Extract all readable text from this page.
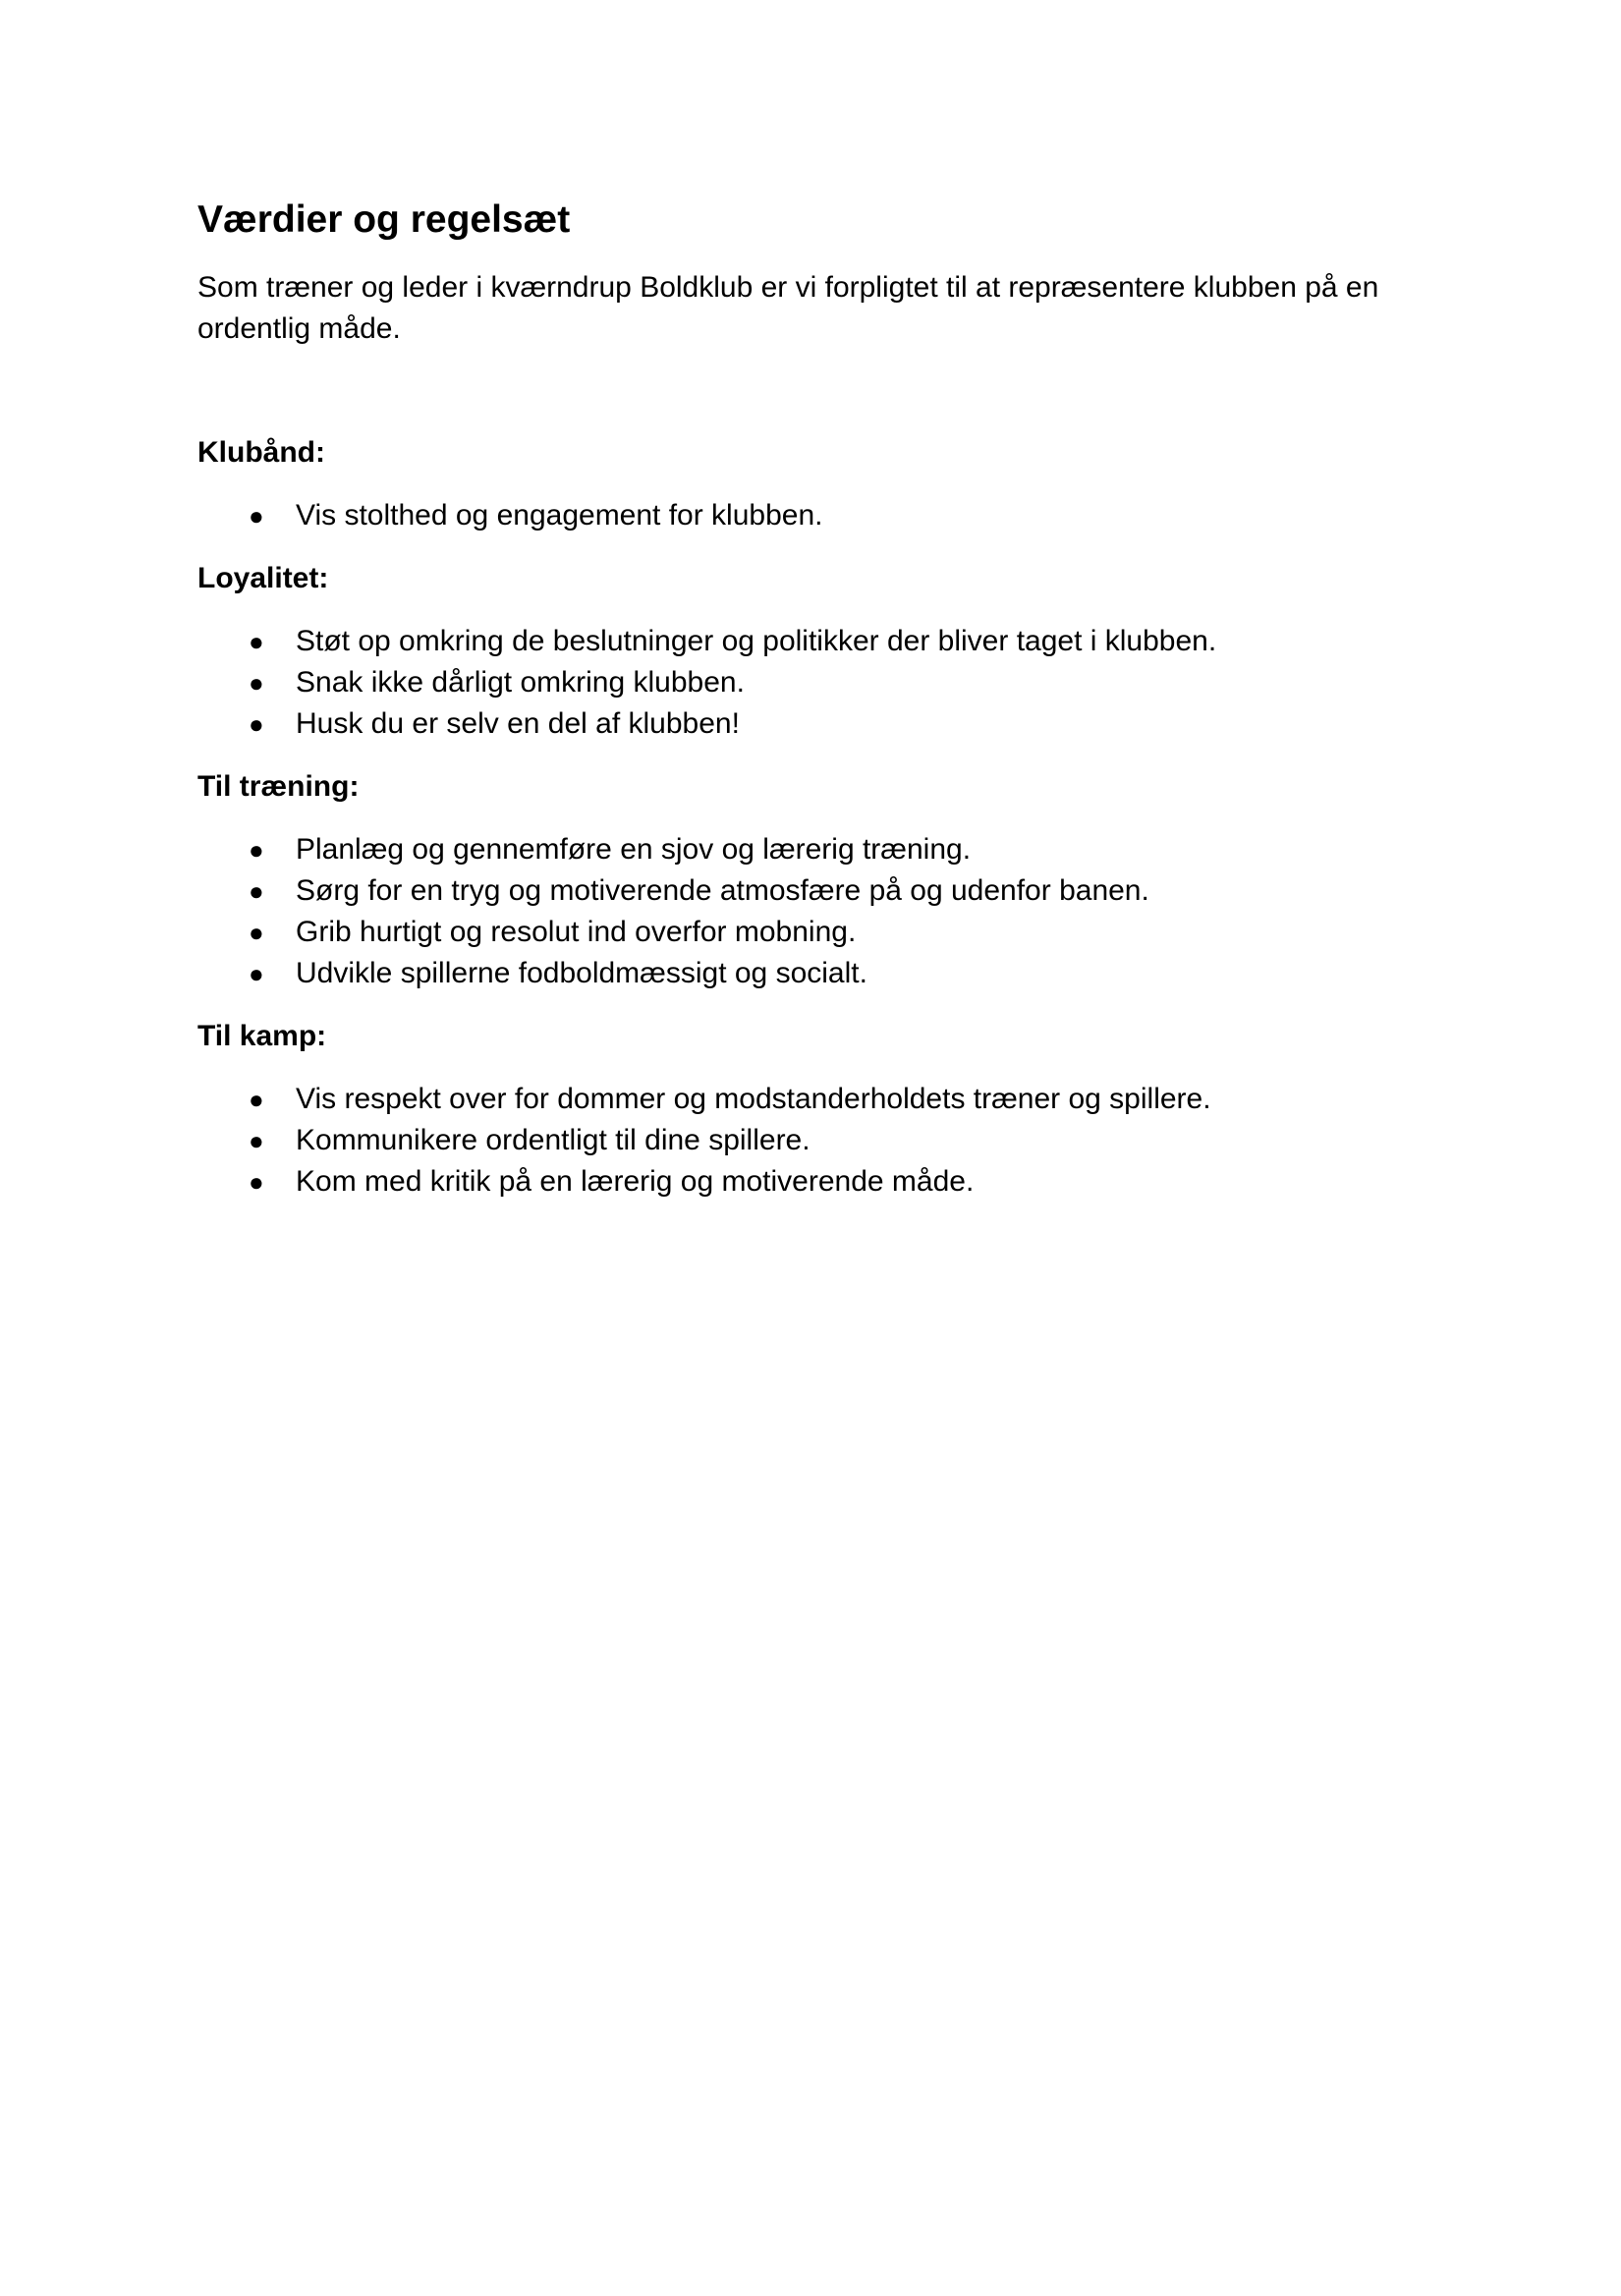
Værdier og regelsæt

Som træner og leder i kværndrup Boldklub er vi forpligtet til at repræsentere klubben på en ordentlig måde.

Klubånd:

● Vis stolthed og engagement for klubben.

Loyalitet:

● Støt op omkring de beslutninger og politikker der bliver taget i klubben.
● Snak ikke dårligt omkring klubben.
● Husk du er selv en del af klubben!

Til træning:

● Planlæg og gennemføre en sjov og lærerig træning.
● Sørg for en tryg og motiverende atmosfære på og udenfor banen.
● Grib hurtigt og resolut ind overfor mobning.
● Udvikle spillerne fodboldmæssigt og socialt.

Til kamp:

● Vis respekt over for dommer og modstanderholdets træner og spillere.
● Kommunikere ordentligt til dine spillere.
● Kom med kritik på en lærerig og motiverende måde.
